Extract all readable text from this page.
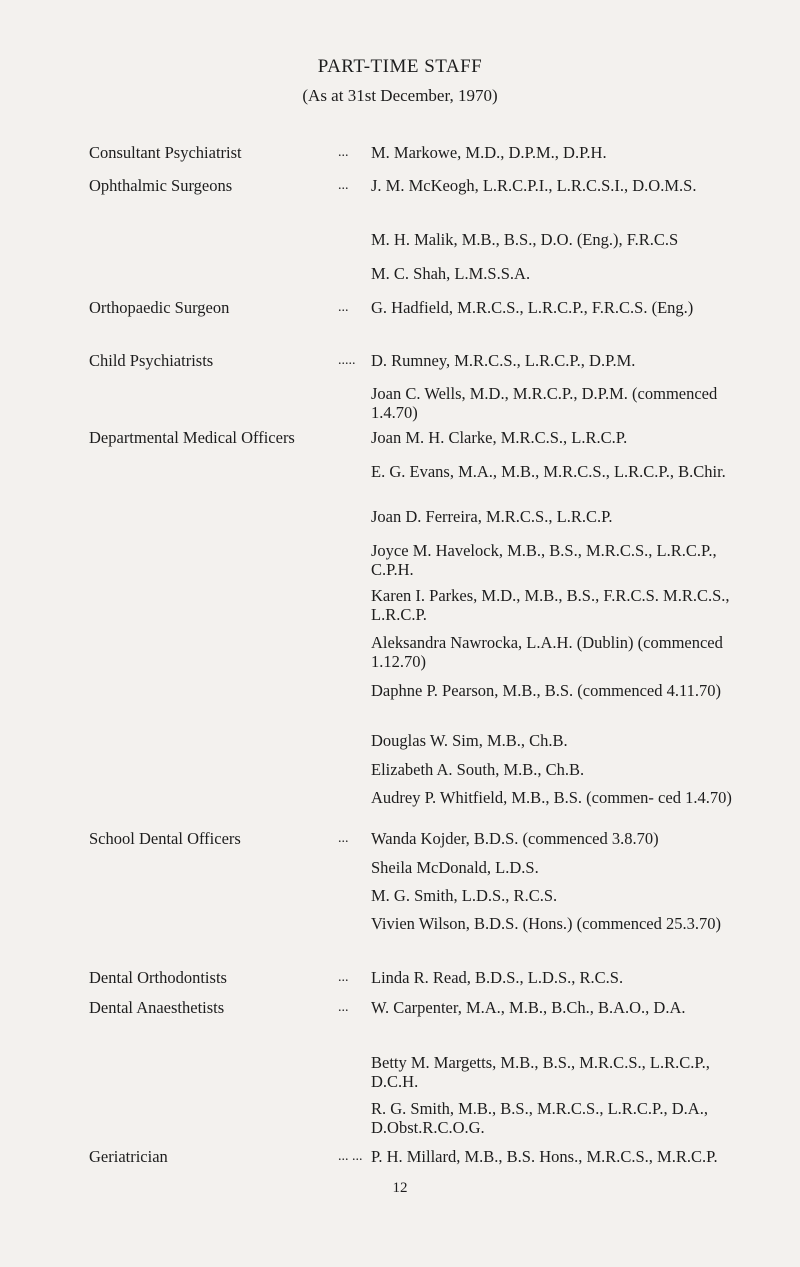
PART-TIME STAFF
(As at 31st December, 1970)
Consultant Psychiatrist	...	M. Markowe, M.D., D.P.M., D.P.H.
Ophthalmic Surgeons	...	J. M. McKeogh, L.R.C.P.I., L.R.C.S.I., D.O.M.S.
M. H. Malik, M.B., B.S., D.O. (Eng.), F.R.C.S
M. C. Shah, L.M.S.S.A.
Orthopaedic Surgeon	...	G. Hadfield, M.R.C.S., L.R.C.P., F.R.C.S. (Eng.)
Child Psychiatrists	..... D. Rumney, M.R.C.S., L.R.C.P., D.P.M.
Joan C. Wells, M.D., M.R.C.P., D.P.M. (commenced 1.4.70)
Departmental Medical Officers	Joan M. H. Clarke, M.R.C.S., L.R.C.P.
E. G. Evans, M.A., M.B., M.R.C.S., L.R.C.P., B.Chir.
Joan D. Ferreira, M.R.C.S., L.R.C.P.
Joyce M. Havelock, M.B., B.S., M.R.C.S., L.R.C.P., C.P.H.
Karen I. Parkes, M.D., M.B., B.S., F.R.C.S. M.R.C.S., L.R.C.P.
Aleksandra Nawrocka, L.A.H. (Dublin) (commenced 1.12.70)
Daphne P. Pearson, M.B., B.S. (commenced 4.11.70)
Douglas W. Sim, M.B., Ch.B.
Elizabeth A. South, M.B., Ch.B.
Audrey P. Whitfield, M.B., B.S. (commen- ced 1.4.70)
School Dental Officers	...	Wanda Kojder, B.D.S. (commenced 3.8.70)
Sheila McDonald, L.D.S.
M. G. Smith, L.D.S., R.C.S.
Vivien Wilson, B.D.S. (Hons.) (commenced 25.3.70)
Dental Orthodontists	...	Linda R. Read, B.D.S., L.D.S., R.C.S.
Dental Anaesthetists	...	W. Carpenter, M.A., M.B., B.Ch., B.A.O., D.A.
Betty M. Margetts, M.B., B.S., M.R.C.S., L.R.C.P., D.C.H.
R. G. Smith, M.B., B.S., M.R.C.S., L.R.C.P., D.A., D.Obst.R.C.O.G.
Geriatrician	... ... P. H. Millard, M.B., B.S. Hons., M.R.C.S., M.R.C.P.
12
